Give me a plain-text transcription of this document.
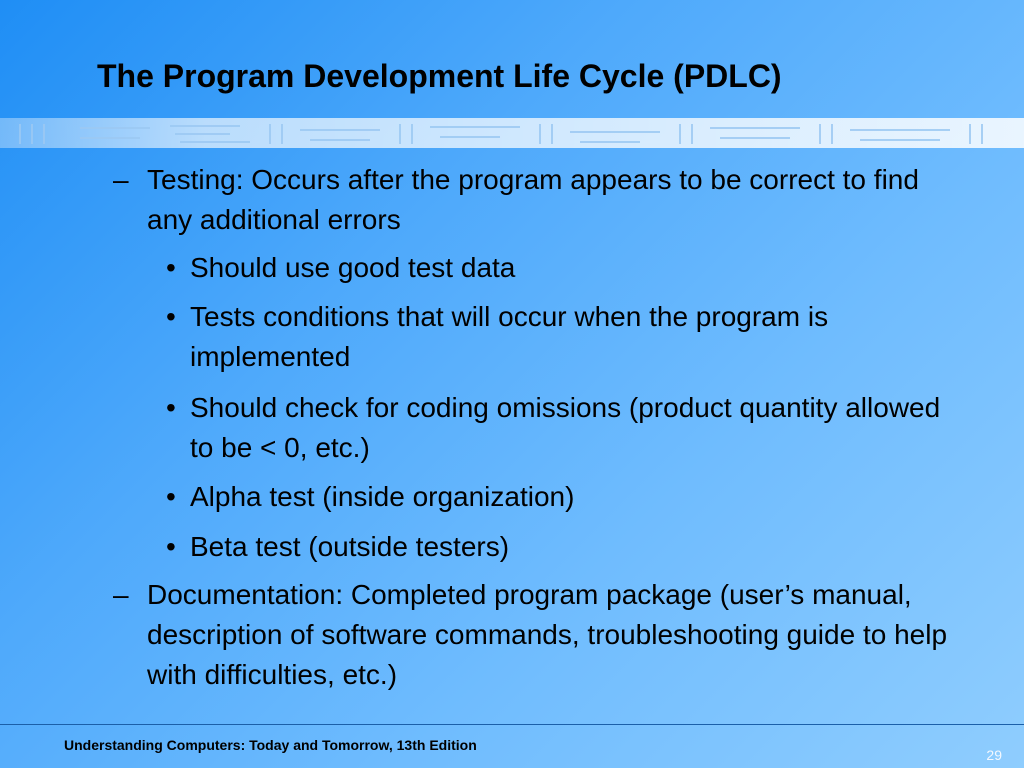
The Program Development Life Cycle (PDLC)
– Testing: Occurs after the program appears to be correct to find any additional errors
• Should use good test data
• Tests conditions that will occur when the program is implemented
• Should check for coding omissions (product quantity allowed to be < 0, etc.)
• Alpha test (inside organization)
• Beta test (outside testers)
– Documentation: Completed program package (user’s manual, description of software commands, troubleshooting guide to help with difficulties, etc.)
Understanding Computers: Today and Tomorrow, 13th Edition
29
